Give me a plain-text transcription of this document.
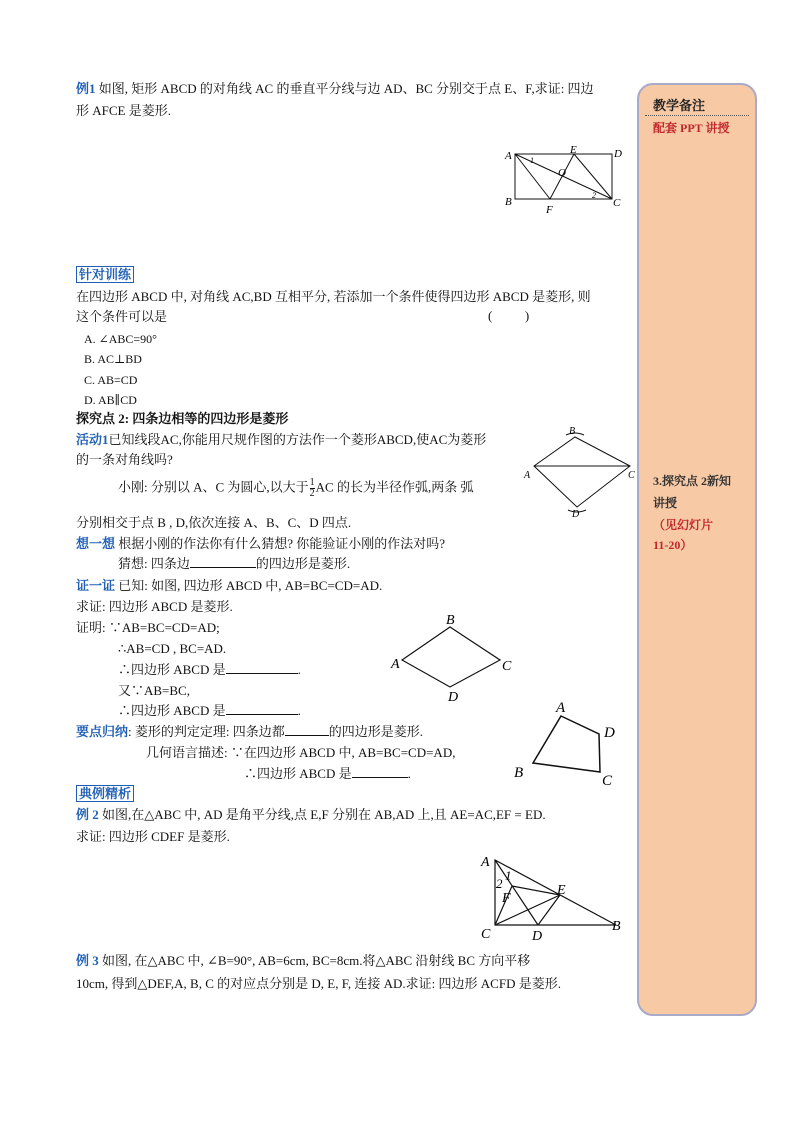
例1 如图, 矩形 ABCD 的对角线 AC 的垂直平分线与边 AD、BC 分别交于点 E、F,求证: 四边
形 AFCE 是菱形.
A	D
E
O
B
F
C
1
2
针对训练
在四边形 ABCD 中, 对角线 AC,BD 互相平分, 若添加一个条件使得四边形 ABCD 是菱形, 则
这个条件可以是	(          )
A. ∠ABC=90°
B. AC⊥BD
C. AB=CD
D. AB∥CD
探究点 2: 四条边相等的四边形是菱形
活动1已知线段AC,你能用尺规作图的方法作一个菱形ABCD,使AC为菱形
的一条对角线吗?
小刚: 分别以 A、C 为圆心,以大于 $\frac{1}{2}$ AC 的长为半径作弧,两条 弧
分别相交于点 B , D,依次连接 A、B、C、D 四点.
B
A	C
D
想一想 根据小刚的作法你有什么猜想? 你能验证小刚的作法对吗?
猜想: 四条边	的四边形是菱形.
证一证 已知: 如图, 四边形 ABCD 中, AB=BC=CD=AD.
求证: 四边形 ABCD 是菱形.
证明: ∵AB=BC=CD=AD;
∴AB=CD , BC=AD.
∴四边形 ABCD 是	.
又∵AB=BC,
∴四边形 ABCD 是	.
B
A	C
D
要点归纳: 菱形的判定定理: 四条边都	的四边形是菱形.
几何语言描述: ∵在四边形 ABCD 中, AB=BC=CD=AD,
∴四边形 ABCD 是	.
A
D
B	C
典例精析
例 2 如图,在△ABC 中, AD 是角平分线,点 E,F 分别在 AB,AD 上,且 AE=AC,EF = ED.
求证: 四边形 CDEF 是菱形.
A
1
2
F
E
C	D
B
例 3 如图, 在△ABC 中, ∠B=90°, AB=6cm, BC=8cm.将△ABC 沿射线 BC 方向平移
10cm, 得到△DEF,A, B, C 的对应点分别是 D, E, F, 连接 AD.求证: 四边形 ACFD 是菱形.
教学备注
配套 PPT 讲授
3.探究点 2新知
讲授
（见幻灯片
11-20）
